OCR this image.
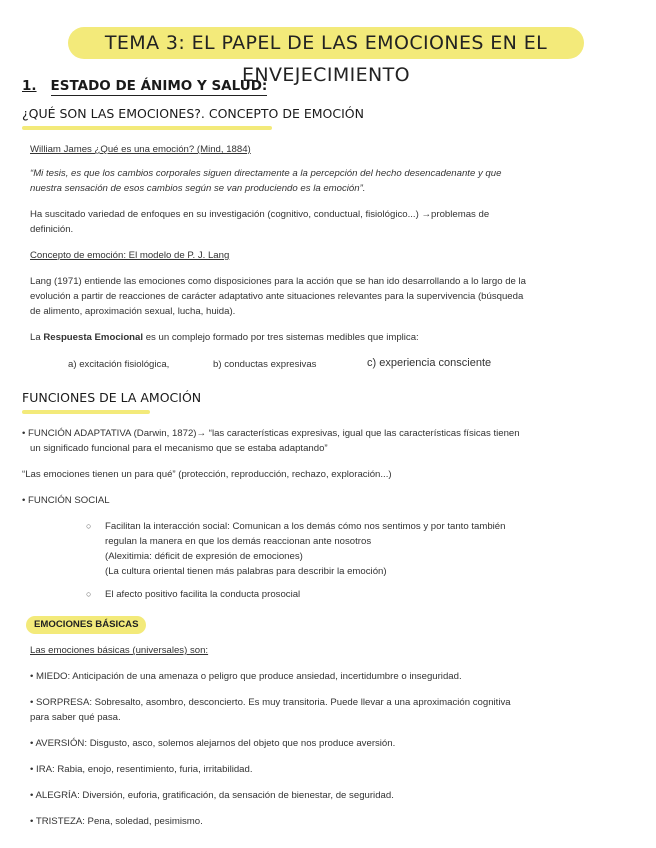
TEMA 3: EL PAPEL DE LAS EMOCIONES EN EL ENVEJECIMIENTO
1. ESTADO DE ÁNIMO Y SALUD:
¿QUÉ SON LAS EMOCIONES?. CONCEPTO DE EMOCIÓN
William James ¿Qué es una emoción? (Mind, 1884)
“Mi tesis, es que los cambios corporales siguen directamente a la percepción del hecho desencadenante y que
nuestra sensación de esos cambios según se van produciendo es la emoción”.
Ha suscitado variedad de enfoques en su investigación (cognitivo, conductual, fisiológico...) →problemas de
definición.
Concepto de emoción: El modelo de P. J. Lang
Lang (1971) entiende las emociones como disposiciones para la acción que se han ido desarrollando a lo largo de la
evolución a partir de reacciones de carácter adaptativo ante situaciones relevantes para la supervivencia (búsqueda
de alimento, aproximación sexual, lucha, huida).
La Respuesta Emocional es un complejo formado por tres sistemas medibles que implica:
a) excitación fisiológica,	b) conductas expresivas	c) experiencia consciente
FUNCIONES DE LA AMOCIÓN
• FUNCIÓN ADAPTATIVA (Darwin, 1872)→ “las características expresivas, igual que las características físicas tienen
un significado funcional para el mecanismo que se estaba adaptando”
“Las emociones tienen un para qué” (protección, reproducción, rechazo, exploración...)
• FUNCIÓN SOCIAL
○ Facilitan la interacción social: Comunican a los demás cómo nos sentimos y por tanto también
regulan la manera en que los demás reaccionan ante nosotros
(Alexitimia: déficit de expresión de emociones)
(La cultura oriental tienen más palabras para describir la emoción)
○ El afecto positivo facilita la conducta prosocial
EMOCIONES BÁSICAS
Las emociones básicas (universales) son:
• MIEDO: Anticipación de una amenaza o peligro que produce ansiedad, incertidumbre o inseguridad.
• SORPRESA: Sobresalto, asombro, desconcierto. Es muy transitoria. Puede llevar a una aproximación cognitiva
para saber qué pasa.
• AVERSIÓN: Disgusto, asco, solemos alejarnos del objeto que nos produce aversión.
• IRA: Rabia, enojo, resentimiento, furia, irritabilidad.
• ALEGRÍA: Diversión, euforia, gratificación, da sensación de bienestar, de seguridad.
• TRISTEZA: Pena, soledad, pesimismo.
